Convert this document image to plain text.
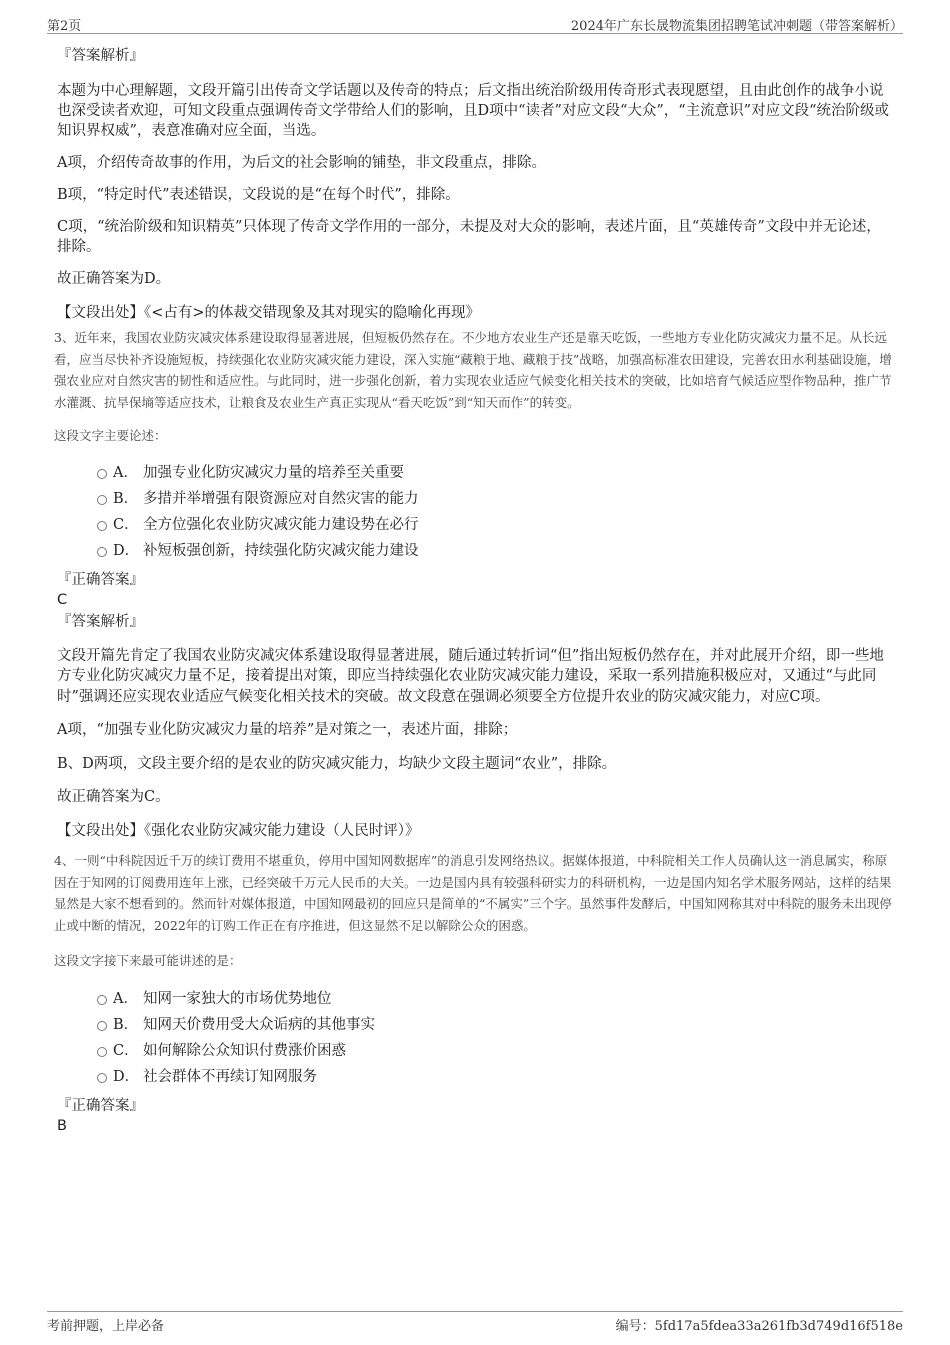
第2页	2024年广东长晟物流集团招聘笔试冲刺题（带答案解析）

『答案解析』

本题为中心理解题，文段开篇引出传奇文学话题以及传奇的特点；后文指出统治阶级用传奇形式表现愿望，且由此创作的战争小说也深受读者欢迎，可知文段重点强调传奇文学带给人们的影响，且D项中“读者”对应文段“大众”，“主流意识”对应文段“统治阶级或知识界权威”，表意准确对应全面，当选。

A项，介绍传奇故事的作用，为后文的社会影响的铺垫，非文段重点，排除。

B项，“特定时代”表述错误，文段说的是“在每个时代”，排除。

C项，“统治阶级和知识精英”只体现了传奇文学作用的一部分，未提及对大众的影响，表述片面，且“英雄传奇”文段中并无论述，排除。

故正确答案为D。

【文段出处】《<占有>的体裁交错现象及其对现实的隐喻化再现》

3、近年来，我国农业防灾减灾体系建设取得显著进展，但短板仍然存在。不少地方农业生产还是靠天吃饭，一些地方专业化防灾减灾力量不足。从长远看，应当尽快补齐设施短板，持续强化农业防灾减灾能力建设，深入实施“藏粮于地、藏粮于技”战略，加强高标准农田建设，完善农田水利基础设施，增强农业应对自然灾害的韧性和适应性。与此同时，进一步强化创新，着力实现农业适应气候变化相关技术的突破，比如培育气候适应型作物品种，推广节水灌溉、抗旱保墒等适应技术，让粮食及农业生产真正实现从“看天吃饭”到“知天而作”的转变。

这段文字主要论述：

A． 加强专业化防灾减灾力量的培养至关重要
B． 多措并举增强有限资源应对自然灾害的能力
C． 全方位强化农业防灾减灾能力建设势在必行
D． 补短板强创新，持续强化防灾减灾能力建设

『正确答案』

C

『答案解析』

文段开篇先肯定了我国农业防灾减灾体系建设取得显著进展，随后通过转折词“但”指出短板仍然存在，并对此展开介绍，即一些地方专业化防灾减灾力量不足，接着提出对策，即应当持续强化农业防灾减灾能力建设，采取一系列措施积极应对，又通过“与此同时”强调还应实现农业适应气候变化相关技术的突破。故文段意在强调必须要全方位提升农业的防灾减灾能力，对应C项。

A项，“加强专业化防灾减灾力量的培养”是对策之一，表述片面，排除；

B、D两项，文段主要介绍的是农业的防灾减灾能力，均缺少文段主题词“农业”，排除。

故正确答案为C。

【文段出处】《强化农业防灾减灾能力建设（人民时评）》

4、一则“中科院因近千万的续订费用不堪重负，停用中国知网数据库”的消息引发网络热议。据媒体报道，中科院相关工作人员确认这一消息属实，称原因在于知网的订阅费用连年上涨，已经突破千万元人民币的大关。一边是国内具有较强科研实力的科研机构，一边是国内知名学术服务网站，这样的结果显然是大家不想看到的。然而针对媒体报道，中国知网最初的回应只是简单的“不属实”三个字。虽然事件发酵后，中国知网称其对中科院的服务未出现停止或中断的情况，2022年的订购工作正在有序推进，但这显然不足以解除公众的困惑。

这段文字接下来最可能讲述的是：

A． 知网一家独大的市场优势地位
B． 知网天价费用受大众诟病的其他事实
C． 如何解除公众知识付费涨价困惑
D． 社会群体不再续订知网服务

『正确答案』

B

考前押题，上岸必备	编号：5fd17a5fdea33a261fb3d749d16f518e
